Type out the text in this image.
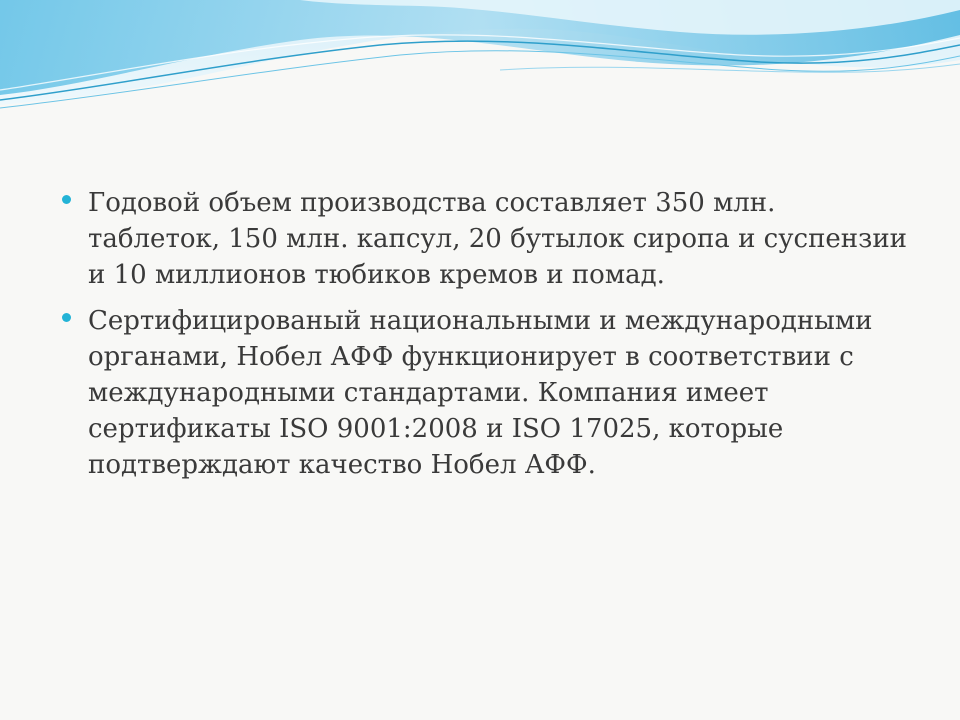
Годовой объем производства составляет 350 млн. таблеток, 150 млн. капсул, 20 бутылок сиропа и суспензии и 10 миллионов тюбиков кремов и помад.
Сертифицированый национальными и международными органами, Нобел АФФ функционирует в соответствии с международными стандартами. Компания имеет сертификаты ISO 9001:2008 и ISO 17025, которые подтверждают качество Нобел АФФ.
